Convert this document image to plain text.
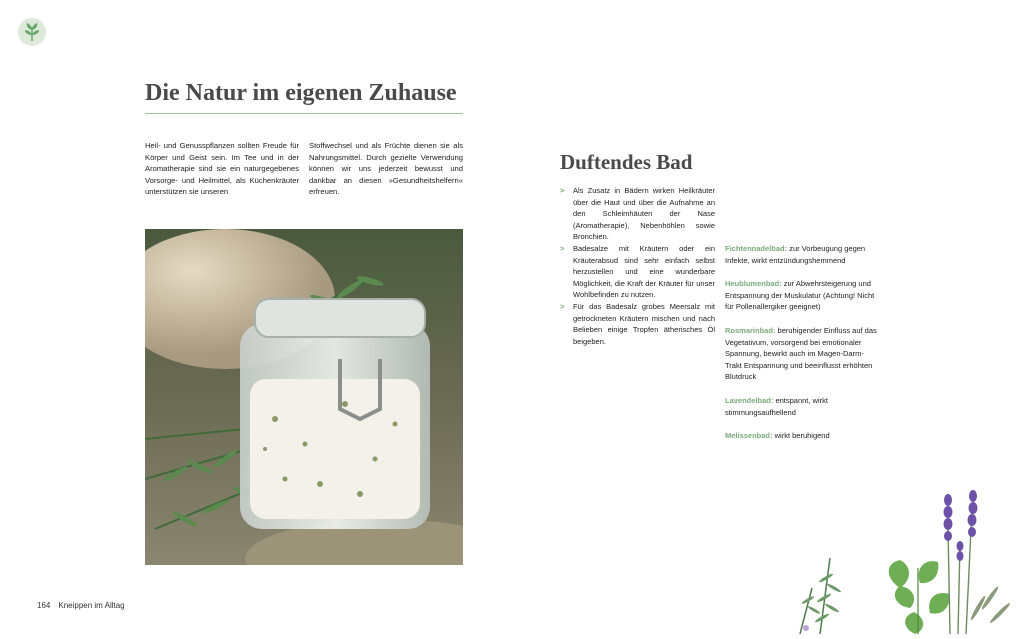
Die Natur im eigenen Zuhause
Heil- und Genusspflanzen sollten Freude für Körper und Geist sein. Im Tee und in der Aromatherapie sind sie ein naturgegebenes Vorsorge- und Heilmittel, als Küchenkräuter unterstützen sie unseren
Stoffwechsel und als Früchte dienen sie als Nahrungsmittel. Durch gezielte Verwendung können wir uns jederzeit bewusst und dankbar an diesen »Gesundheitshelfern« erfreuen.
Duftendes Bad
> Als Zusatz in Bädern wirken Heilkräuter über die Haut und über die Aufnahme an den Schleimhäuten der Nase (Aromatherapie), Nebenhöhlen sowie Bronchien.
> Badesalze mit Kräutern oder ein Kräuterabsud sind sehr einfach selbst herzustellen und eine wunderbare Möglichkeit, die Kraft der Kräuter für unser Wohlbefinden zu nutzen.
> Für das Badesalz grobes Meersalz mit getrockneten Kräutern mischen und nach Belieben einige Tropfen ätherisches Öl beigeben.
Fichtennadelbad: zur Vorbeugung gegen Infekte, wirkt entzündungshemmend
Heublumenbad: zur Abwehrsteigerung und Entspannung der Muskulatur (Achtung! Nicht für Pollenallergiker geeignet)
Rosmarinbad: beruhigender Einfluss auf das Vegetativum, vorsorgend bei emotionaler Spannung, bewirkt auch im Magen-Darm-Trakt Entspannung und beeinflusst erhöhten Blutdruck
Lavendelbad: entspannt, wirkt stimmungsaufhellend
Melissenbad: wirkt beruhigend
164 Kneippen im Alltag
